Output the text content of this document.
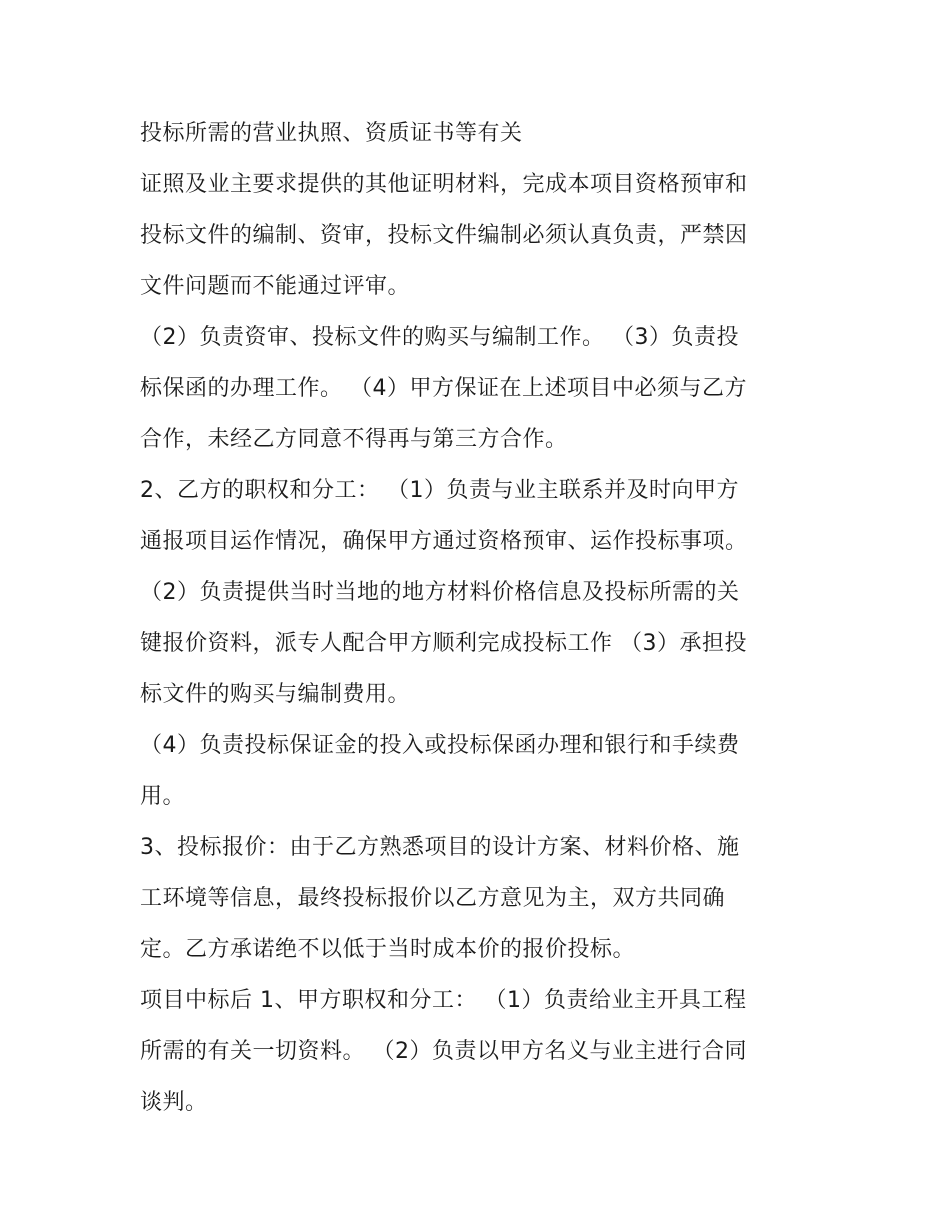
投标所需的营业执照、资质证书等有关
证照及业主要求提供的其他证明材料，完成本项目资格预审和
投标文件的编制、资审，投标文件编制必须认真负责，严禁因
文件问题而不能通过评审。
（2）负责资审、投标文件的购买与编制工作。 （3）负责投
标保函的办理工作。 （4）甲方保证在上述项目中必须与乙方
合作，未经乙方同意不得再与第三方合作。
2、乙方的职权和分工： （1）负责与业主联系并及时向甲方
通报项目运作情况，确保甲方通过资格预审、运作投标事项。
（2）负责提供当时当地的地方材料价格信息及投标所需的关
键报价资料，派专人配合甲方顺利完成投标工作 （3）承担投
标文件的购买与编制费用。
（4）负责投标保证金的投入或投标保函办理和银行和手续费
用。
3、投标报价：由于乙方熟悉项目的设计方案、材料价格、施
工环境等信息，最终投标报价以乙方意见为主，双方共同确
定。乙方承诺绝不以低于当时成本价的报价投标。
项目中标后 1、甲方职权和分工： （1）负责给业主开具工程
所需的有关一切资料。 （2）负责以甲方名义与业主进行合同
谈判。
